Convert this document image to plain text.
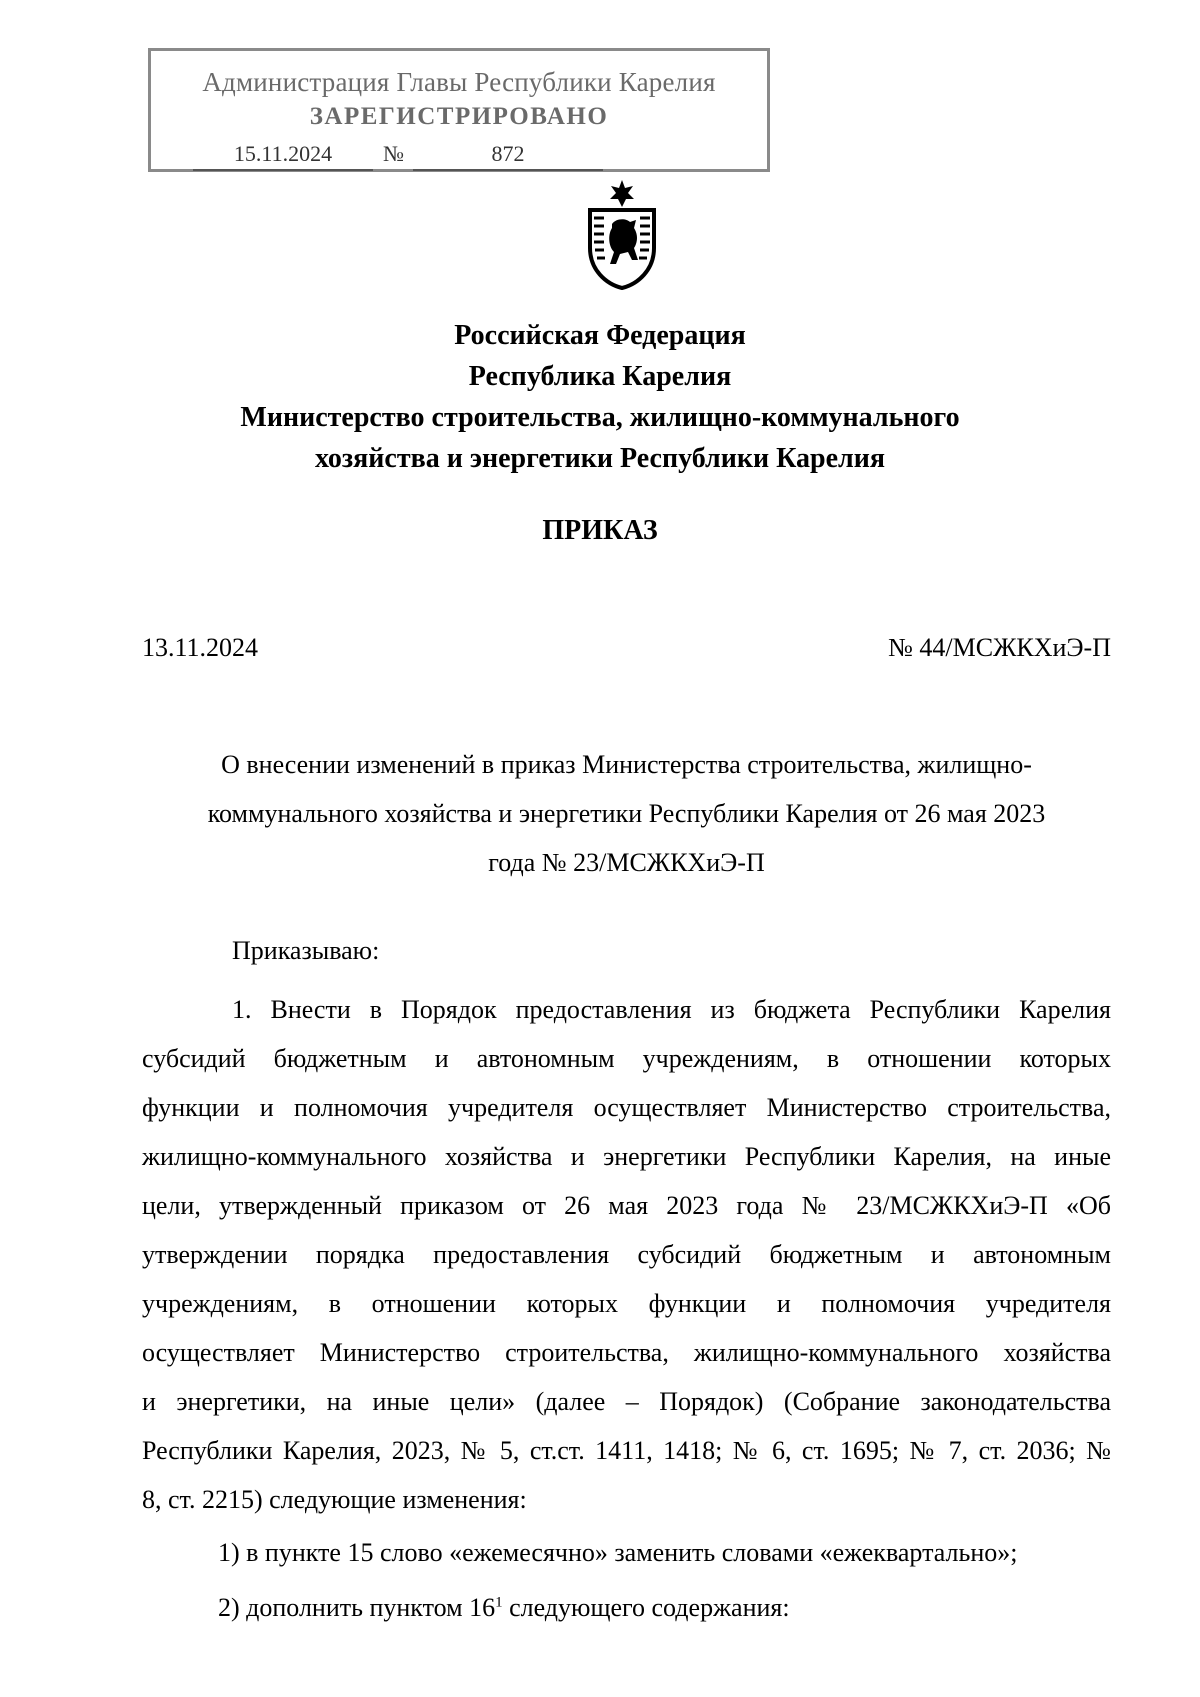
Администрация Главы Республики Карелия
ЗАРЕГИСТРИРОВАНО
15.11.2024	№	872
Российская Федерация
Республика Карелия
Министерство строительства, жилищно-коммунального
хозяйства и энергетики Республики Карелия
ПРИКАЗ
13.11.2024	№ 44/МСЖКХиЭ-П
О внесении изменений в приказ Министерства строительства, жилищно-
коммунального хозяйства и энергетики Республики Карелия от 26 мая 2023
года № 23/МСЖКХиЭ-П
Приказываю:
1. Внести в Порядок предоставления из бюджета Республики Карелия
субсидий бюджетным и автономным учреждениям, в отношении которых
функции и полномочия учредителя осуществляет Министерство строительства,
жилищно-коммунального хозяйства и энергетики Республики Карелия, на иные
цели, утвержденный приказом от 26 мая 2023 года № 23/МСЖКХиЭ-П «Об
утверждении порядка предоставления субсидий бюджетным и автономным
учреждениям, в отношении которых функции и полномочия учредителя
осуществляет Министерство строительства, жилищно-коммунального хозяйства
и энергетики, на иные цели» (далее – Порядок) (Собрание законодательства
Республики Карелия, 2023, № 5, ст.ст. 1411, 1418; № 6, ст. 1695; № 7, ст. 2036; №
8, ст. 2215) следующие изменения:
1) в пункте 15 слово «ежемесячно» заменить словами «ежеквартально»;
2) дополнить пунктом $16^1$ следующего содержания:
